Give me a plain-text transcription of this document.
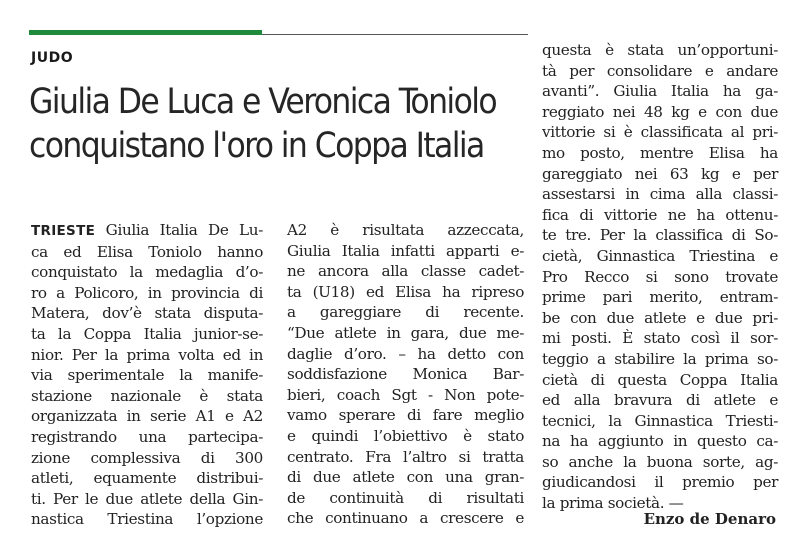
JUDO
Giulia De Luca e Veronica Toniolo
conquistano l'oro in Coppa Italia
TRIESTE Giulia Italia De Lu-
ca ed Elisa Toniolo hanno
conquistato la medaglia d’o-
ro a Policoro, in provincia di
Matera, dov’è stata disputa-
ta la Coppa Italia junior-se-
nior. Per la prima volta ed in
via sperimentale la manife-
stazione nazionale è stata
organizzata in serie A1 e A2
registrando una partecipa-
zione complessiva di 300
atleti, equamente distribui-
ti. Per le due atlete della Gin-
nastica Triestina l’opzione
A2 è risultata azzeccata,
Giulia Italia infatti apparti e-
ne ancora alla classe cadet-
ta (U18) ed Elisa ha ripreso
a gareggiare di recente.
“Due atlete in gara, due me-
daglie d’oro. – ha detto con
soddisfazione Monica Bar-
bieri, coach Sgt - Non pote-
vamo sperare di fare meglio
e quindi l’obiettivo è stato
centrato. Fra l’altro si tratta
di due atlete con una gran-
de continuità di risultati
che continuano a crescere e
questa è stata un’opportuni-
tà per consolidare e andare
avanti”. Giulia Italia ha ga-
reggiato nei 48 kg e con due
vittorie si è classificata al pri-
mo posto, mentre Elisa ha
gareggiato nei 63 kg e per
assestarsi in cima alla classi-
fica di vittorie ne ha ottenu-
te tre. Per la classifica di So-
cietà, Ginnastica Triestina e
Pro Recco si sono trovate
prime pari merito, entram-
be con due atlete e due pri-
mi posti. È stato così il sor-
teggio a stabilire la prima so-
cietà di questa Coppa Italia
ed alla bravura di atlete e
tecnici, la Ginnastica Triesti-
na ha aggiunto in questo ca-
so anche la buona sorte, ag-
giudicandosi il premio per
la prima società. —
Enzo de Denaro
